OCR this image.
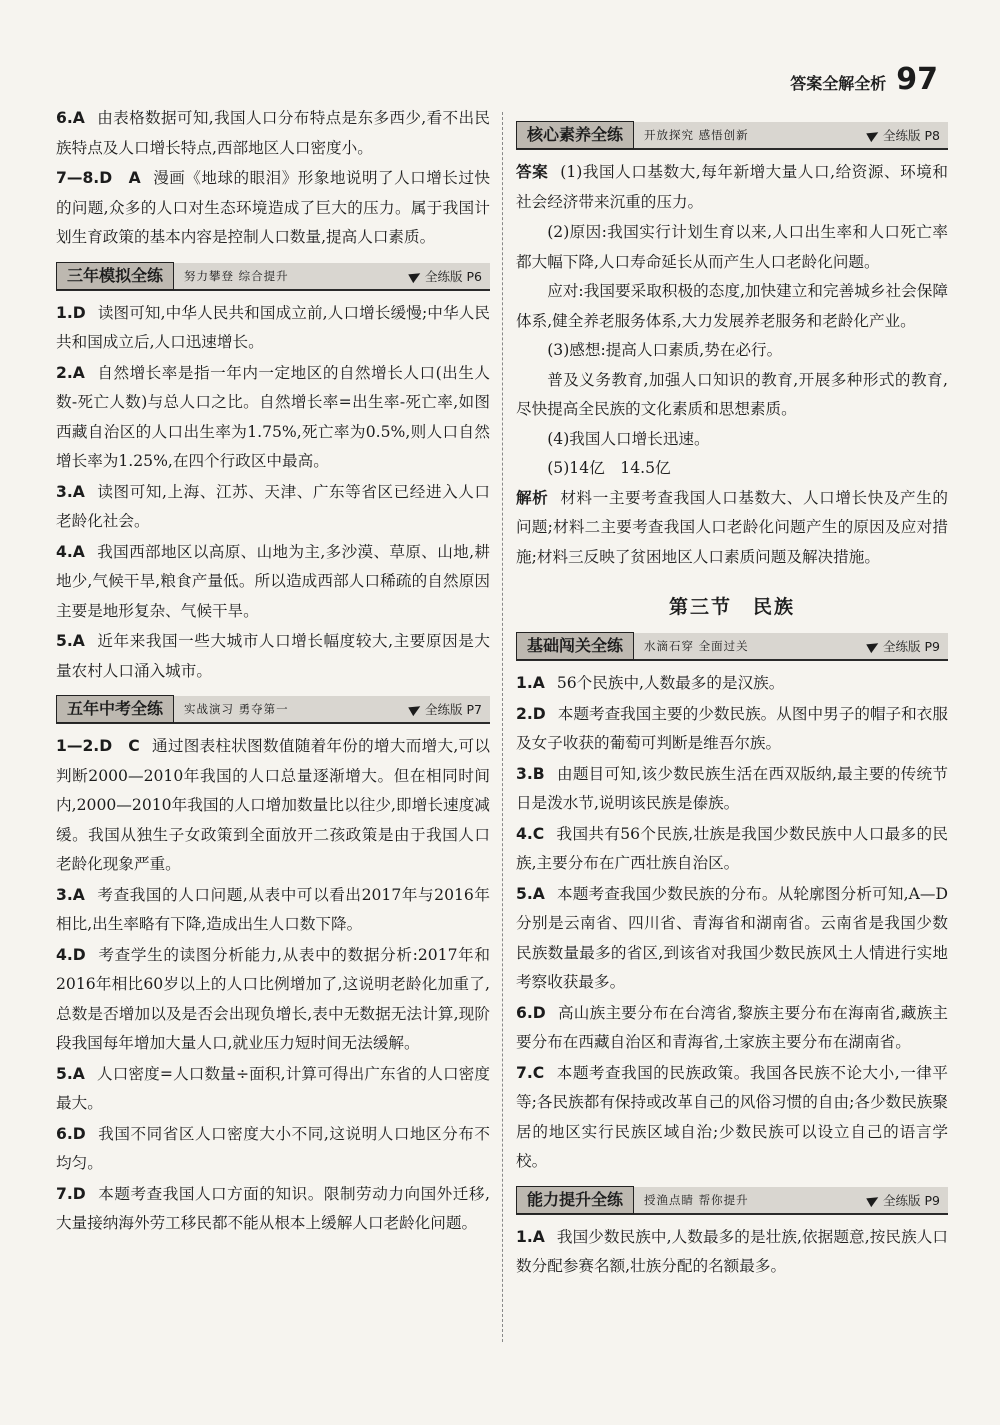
答案全解全析 97
6.A 由表格数据可知,我国人口分布特点是东多西少,看不出民族特点及人口增长特点,西部地区人口密度小。
7—8.D　A 漫画《地球的眼泪》形象地说明了人口增长过快的问题,众多的人口对生态环境造成了巨大的压力。属于我国计划生育政策的基本内容是控制人口数量,提高人口素质。
三年模拟全练	努力攀登 综合提升	全练版 P6
1.D 读图可知,中华人民共和国成立前,人口增长缓慢;中华人民共和国成立后,人口迅速增长。
2.A 自然增长率是指一年内一定地区的自然增长人口(出生人数-死亡人数)与总人口之比。自然增长率=出生率-死亡率,如图西藏自治区的人口出生率为1.75%,死亡率为0.5%,则人口自然增长率为1.25%,在四个行政区中最高。
3.A 读图可知,上海、江苏、天津、广东等省区已经进入人口老龄化社会。
4.A 我国西部地区以高原、山地为主,多沙漠、草原、山地,耕地少,气候干旱,粮食产量低。所以造成西部人口稀疏的自然原因主要是地形复杂、气候干旱。
5.A 近年来我国一些大城市人口增长幅度较大,主要原因是大量农村人口涌入城市。
五年中考全练	实战演习 勇夺第一	全练版 P7
1—2.D　C 通过图表柱状图数值随着年份的增大而增大,可以判断2000—2010年我国的人口总量逐渐增大。但在相同时间内,2000—2010年我国的人口增加数量比以往少,即增长速度减缓。我国从独生子女政策到全面放开二孩政策是由于我国人口老龄化现象严重。
3.A 考查我国的人口问题,从表中可以看出2017年与2016年相比,出生率略有下降,造成出生人口数下降。
4.D 考查学生的读图分析能力,从表中的数据分析:2017年和2016年相比60岁以上的人口比例增加了,这说明老龄化加重了,总数是否增加以及是否会出现负增长,表中无数据无法计算,现阶段我国每年增加大量人口,就业压力短时间无法缓解。
5.A 人口密度=人口数量÷面积,计算可得出广东省的人口密度最大。
6.D 我国不同省区人口密度大小不同,这说明人口地区分布不均匀。
7.D 本题考查我国人口方面的知识。限制劳动力向国外迁移,大量接纳海外劳工移民都不能从根本上缓解人口老龄化问题。
核心素养全练	开放探究 感悟创新	全练版 P8
答案 (1)我国人口基数大,每年新增大量人口,给资源、环境和社会经济带来沉重的压力。

(2)原因:我国实行计划生育以来,人口出生率和人口死亡率都大幅下降,人口寿命延长从而产生人口老龄化问题。

应对:我国要采取积极的态度,加快建立和完善城乡社会保障体系,健全养老服务体系,大力发展养老服务和老龄化产业。

(3)感想:提高人口素质,势在必行。

普及义务教育,加强人口知识的教育,开展多种形式的教育,尽快提高全民族的文化素质和思想素质。

(4)我国人口增长迅速。

(5)14亿　14.5亿

解析 材料一主要考查我国人口基数大、人口增长快及产生的问题;材料二主要考查我国人口老龄化问题产生的原因及应对措施;材料三反映了贫困地区人口素质问题及解决措施。
第三节　民族
基础闯关全练	水滴石穿 全面过关	全练版 P9
1.A 56个民族中,人数最多的是汉族。
2.D 本题考查我国主要的少数民族。从图中男子的帽子和衣服及女子收获的葡萄可判断是维吾尔族。
3.B 由题目可知,该少数民族生活在西双版纳,最主要的传统节日是泼水节,说明该民族是傣族。
4.C 我国共有56个民族,壮族是我国少数民族中人口最多的民族,主要分布在广西壮族自治区。
5.A 本题考查我国少数民族的分布。从轮廓图分析可知,A—D分别是云南省、四川省、青海省和湖南省。云南省是我国少数民族数量最多的省区,到该省对我国少数民族风土人情进行实地考察收获最多。
6.D 高山族主要分布在台湾省,黎族主要分布在海南省,藏族主要分布在西藏自治区和青海省,土家族主要分布在湖南省。
7.C 本题考查我国的民族政策。我国各民族不论大小,一律平等;各民族都有保持或改革自己的风俗习惯的自由;各少数民族聚居的地区实行民族区域自治;少数民族可以设立自己的语言学校。
能力提升全练	授渔点睛 帮你提升	全练版 P9
1.A 我国少数民族中,人数最多的是壮族,依据题意,按民族人口数分配参赛名额,壮族分配的名额最多。
